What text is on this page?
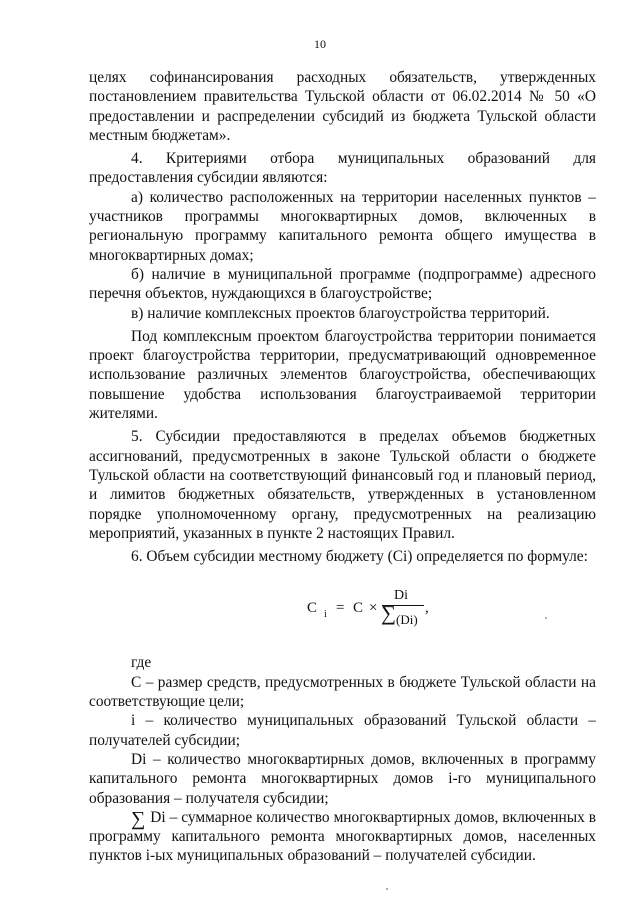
10

целях софинансирования расходных обязательств, утвержденных постановлением правительства Тульской области от 06.02.2014 № 50 «О предоставлении и распределении субсидий из бюджета Тульской области местным бюджетам».

4. Критериями отбора муниципальных образований для предоставления субсидии являются:

а) количество расположенных на территории населенных пунктов – участников программы многоквартирных домов, включенных в региональную программу капитального ремонта общего имущества в многоквартирных домах;

б) наличие в муниципальной программе (подпрограмме) адресного перечня объектов, нуждающихся в благоустройстве;

в) наличие комплексных проектов благоустройства территорий.

Под комплексным проектом благоустройства территории понимается проект благоустройства территории, предусматривающий одновременное использование различных элементов благоустройства, обеспечивающих повышение удобства использования благоустраиваемой территории жителями.

5. Субсидии предоставляются в пределах объемов бюджетных ассигнований, предусмотренных в законе Тульской области о бюджете Тульской области на соответствующий финансовый год и плановый период, и лимитов бюджетных обязательств, утвержденных в установленном порядке уполномоченному органу, предусмотренных на реализацию мероприятий, указанных в пункте 2 настоящих Правил.

6. Объем субсидии местному бюджету (Ci) определяется по формуле:

C i = C ×
Di
∑ (Di)
,

где

С – размер средств, предусмотренных в бюджете Тульской области на соответствующие цели;

i – количество муниципальных образований Тульской области – получателей субсидии;

Di – количество многоквартирных домов, включенных в программу капитального ремонта многоквартирных домов i-го муниципального образования – получателя субсидии;

∑ Di – суммарное количество многоквартирных домов, включенных в программу капитального ремонта многоквартирных домов, населенных пунктов i-ых муниципальных образований – получателей субсидии.
